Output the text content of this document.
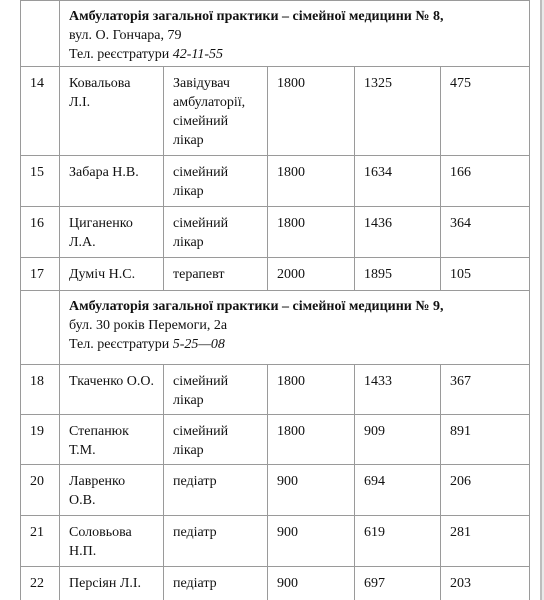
	Амбулаторія загальної практики – сімейної медицини № 8,
вул. О. Гончара, 79
Тел. реєстратури 42-11-55				

14	Ковальова Л.І.	Завідувач амбулаторії, сімейний лікар	1800	1325	475
15	Забара Н.В.	сімейний лікар	1800	1634	166
16	Циганенко Л.А.	сімейний лікар	1800	1436	364
17	Думіч Н.С.	терапевт	2000	1895	105

	Амбулаторія загальної практики – сімейної медицини № 9,
бул. 30 років Перемоги, 2а
Тел. реєстратури 5-25—08				

18	Ткаченко О.О.	сімейний лікар	1800	1433	367
19	Степанюк Т.М.	сімейний лікар	1800	909	891
20	Лавренко О.В.	педіатр	900	694	206
21	Соловьова Н.П.	педіатр	900	619	281
22	Персіян Л.І.	педіатр	900	697	203
